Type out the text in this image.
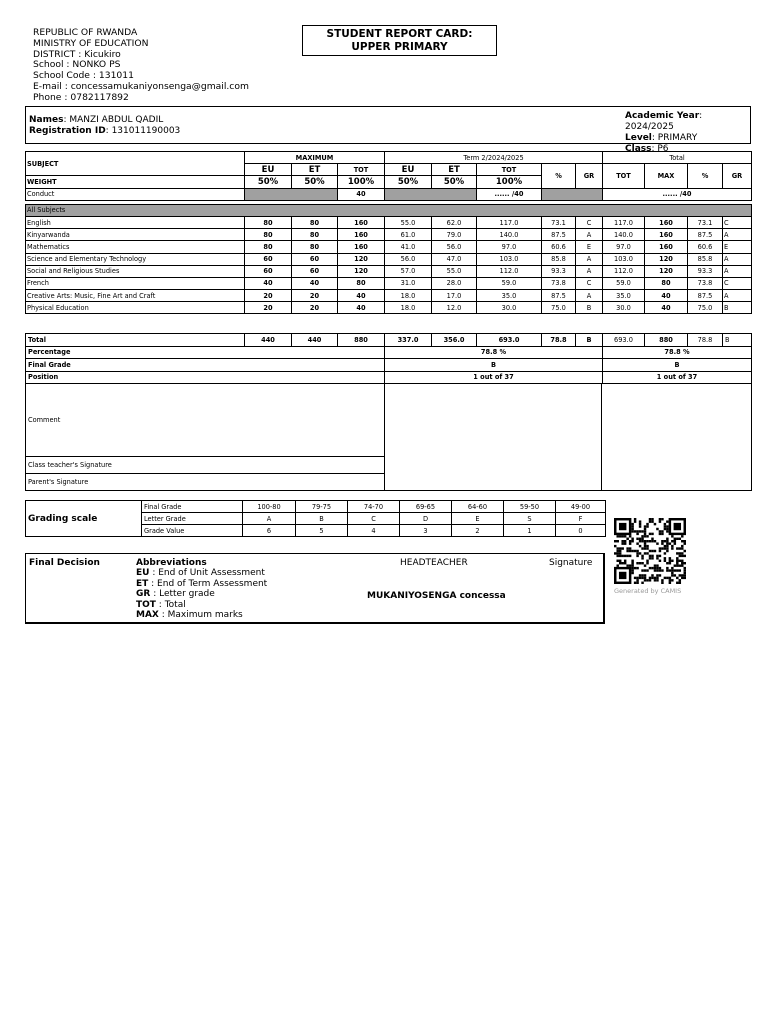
REPUBLIC OF RWANDA
MINISTRY OF EDUCATION
DISTRICT : Kicukiro
School : NONKO PS
School Code : 131011
E-mail : concessamukaniyonsenga@gmail.com
Phone : 0782117892
STUDENT REPORT CARD:
UPPER PRIMARY
Names: MANZI ABDUL QADIL
Registration ID: 131011190003
Academic Year: 2024/2025
Level: PRIMARY
Class: P6
SUBJECT	MAXIMUM			Term 2/2024/2025					Total			
	EU	ET	TOT	EU	ET	TOT	%	GR	TOT	MAX	%	GR
WEIGHT	50%	50%	100%	50%	50%	100%						
Conduct			40			...... /40			...... /40			

All Subjects												
English	80	80	160	55.0	62.0	117.0	73.1	C	117.0	160	73.1	C
Kinyarwanda	80	80	160	61.0	79.0	140.0	87.5	A	140.0	160	87.5	A
Mathematics	80	80	160	41.0	56.0	97.0	60.6	E	97.0	160	60.6	E
Science and Elementary Technology	60	60	120	56.0	47.0	103.0	85.8	A	103.0	120	85.8	A
Social and Religious Studies	60	60	120	57.0	55.0	112.0	93.3	A	112.0	120	93.3	A
French	40	40	80	31.0	28.0	59.0	73.8	C	59.0	80	73.8	C
Creative Arts: Music, Fine Art and Craft	20	20	40	18.0	17.0	35.0	87.5	A	35.0	40	87.5	A
Physical Education	20	20	40	18.0	12.0	30.0	75.0	B	30.0	40	75.0	B
Total	440	440	880	337.0	356.0	693.0	78.8	B	693.0	880	78.8	B
Percentage				78.8 %					78.8 %			
Final Grade				B					B			
Position				1 out of 37					1 out of 37			
Comment		
Class teacher's Signature
Parent's Signature
Grading scale	Final Grade	100-80	79-75	74-70	69-65	64-60	59-50	49-00
	Letter Grade	A	B	C	D	E	S	F
	Grade Value	6	5	4	3	2	1	0
Final Decision	Abbreviations
EU : End of Unit Assessment
ET : End of Term Assessment
GR : Letter grade
TOT : Total
MAX : Maximum marks
HEADTEACHER	Signature
MUKANIYOSENGA concessa	Generated by CAMIS
